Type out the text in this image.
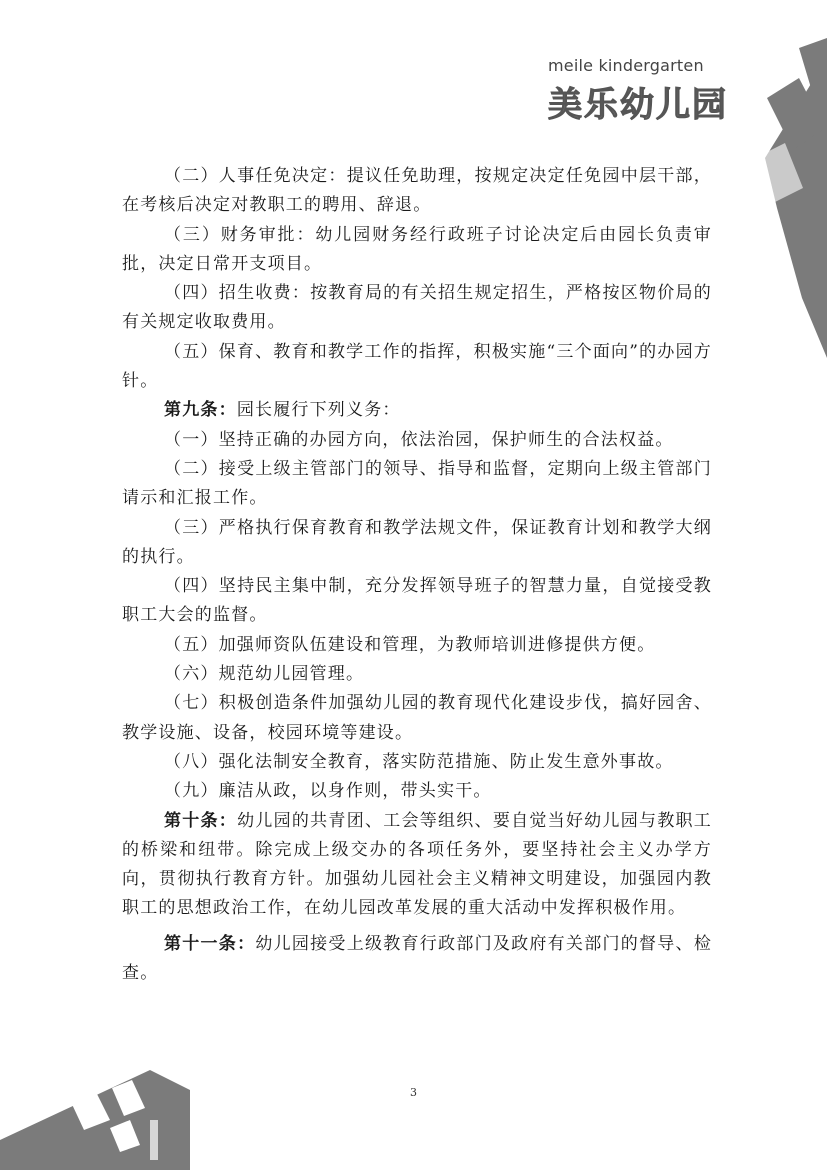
meile kindergarten
美乐幼儿园

（二）人事任免决定：提议任免助理，按规定决定任免园中层干部，在考核后决定对教职工的聘用、辞退。

（三）财务审批：幼儿园财务经行政班子讨论决定后由园长负责审批，决定日常开支项目。

（四）招生收费：按教育局的有关招生规定招生，严格按区物价局的有关规定收取费用。

（五）保育、教育和教学工作的指挥，积极实施“三个面向”的办园方针。

第九条：园长履行下列义务：

（一）坚持正确的办园方向，依法治园，保护师生的合法权益。

（二）接受上级主管部门的领导、指导和监督，定期向上级主管部门请示和汇报工作。

（三）严格执行保育教育和教学法规文件，保证教育计划和教学大纲的执行。

（四）坚持民主集中制，充分发挥领导班子的智慧力量，自觉接受教职工大会的监督。

（五）加强师资队伍建设和管理，为教师培训进修提供方便。

（六）规范幼儿园管理。

（七）积极创造条件加强幼儿园的教育现代化建设步伐，搞好园舍、教学设施、设备，校园环境等建设。

（八）强化法制安全教育，落实防范措施、防止发生意外事故。

（九）廉洁从政，以身作则，带头实干。

第十条：幼儿园的共青团、工会等组织、要自觉当好幼儿园与教职工的桥梁和纽带。除完成上级交办的各项任务外，要坚持社会主义办学方向，贯彻执行教育方针。加强幼儿园社会主义精神文明建设，加强园内教职工的思想政治工作，在幼儿园改革发展的重大活动中发挥积极作用。

第十一条：幼儿园接受上级教育行政部门及政府有关部门的督导、检查。

3
